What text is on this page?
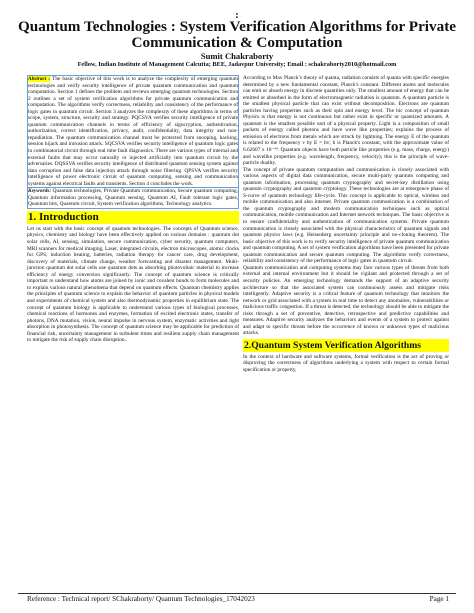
:
Quantum Technologies : System Verification Algorithms for Private Communication & Computation
Sumit Chakraborty
Fellow, Indian Institute of Management Calcutta; BEE, Jadavpur University; Email : schakraborty2010@hotmail.com

Abstract : The basic objective of this work is to analyze the complexity of emerging quantum technologies and verify security intelligence of private quantum communication and quantum computation. Section 1 defines the problem and reviews emerging quantum technologies. Section 2 outlines a set of system verification algorithms for private quantum communication and computation. The algorithms verify correctness, reliability and consistency of the performance of logic gates in quantum circuit. Section 3 analyzes the complexity of these algorithms in terms of scope, system, structure, security and strategy. PQCSVA verifies security intelligence of private quantum communication channels in terms of efficiency of signcryption, authentication, authorization, correct identification, privacy, audit, confidentiality, data integrity and non-repudiation. The quantum communication channel must be protected from snooping, hacking, session hijack and intrusion attack. SQCSVA verifies security intelligence of quantum logic gates in combinatorial circuit through real time fault diagnostics. There are various types of internal and external faults that may occur naturally or injected artificially into quantum circuit by the adversaries. DQSSVA verifies security intelligence of distributed quantum sensing system against data corruption and false data injection attack through noise filtering. QPSVA verifies security intelligence of power electronic circuit of quantum computing, sensing and communication systems against electrical faults and transients. Section 4 concludes the work.

Keywords: Quantum technologies, Private Quantum communication, Secure quantum computing, Quantum information processing, Quantum sensing, Quantum AI, Fault tolerant logic gates, Quantum bits, Quantum circuit, System verification algorithms, Technology analytics.

1. Introduction

Let us start with the basic concept of quantum technologies. The concepts of Quantum science, physics, chemistry and biology have been effectively applied on various domains : quantum dot solar cells, AI, sensing, simulation, secure communication, cyber security, quantum computers, MRI scanners for medical imaging, Laser, integrated circuits, electron microscopes, atomic clocks for GPS, induction heating, batteries, radiation therapy for cancer care, drug development, discovery of materials, climate change, weather forecasting and disaster management. Multi-junction quantum dot solar cells use quantum dots as absorbing photovoltaic material to increase efficiency of energy conversion significantly. The concept of quantum science is critically important to understand how atoms are joined by ionic and covalent bonds to form molecules and to explain various natural phenomena that depend on quantum effects. Quantum chemistry applies the principles of quantum science to explain the behavior of quantum particles in physical models and experiments of chemical system and also thermodynamic properties in equilibrium state. The concept of quantum biology is applicable to understand various types of biological processes, chemical reactions of hormones and enzymes, formation of excited electronic states, transfer of photons, DNA mutation, vision, neural impulse in nervous system, enzymatic activities and light absorption in photosynthesis. The concept of quantum science may be applicable for prediction of financial risk, uncertainty management in turbulent times and resilient supply chain management to mitigate the risk of supply chain disruption..

According to Max Planck’s theory of quanta, radiation consists of quanta with specific energies determined by a new fundamental constant, Planck's constant. Different atoms and molecules can emit or absorb energy in discrete quantities only. The smallest amount of energy that can be emitted or absorbed in the form of electromagnetic radiation is quantum. A quantum particle is the smallest physical particle that can exist without decomposition. Electrons are quantum particles having properties such as their spin and energy level. The bic concept of quantum Physics is that energy is not continuous but rather exist in specific or quantized amounts. A quantum is the smallest possible unit of a physical property. Light is a composition of small packets of energy called photons and have wave like properties; explains the process of emission of electrons from metals which are struck by lightning. The energy E of the quantum is related to the frequency v by E = hv; h is Planck's constant, with the approximate value of 6.62607 x 10⁻³⁴. Quantum objects have both particle like properties (e.g. mass, charge, energy) and wavelike properties (e.g. wavelength, frequency, velocity); this is the principle of wave-particle duality.

The concept of private quantum computation and communication is closely associated with various aspects of digital data communication, secure multi-party quantum computing and quantum information, processing quantum cryptography and secret-key distillation using quantum cryptography and quantum cryptology. These technologies are at emergence phase of S-curve of quantum technology life-cycle. This concept is applicable to optical, wireless and mobile communication and also internet. Private quantum communication is a combination of the quantum cryptography and modern communication techniques such as optical communication, mobile communication and Internet network techniques. The basic objective is to ensure confidentiality and authentication of communication systems. Private quantum communication is closely associated with the physical characteristics of quantum signals and quantum physics laws (e.g. Heisenberg uncertainty principle and no-cloning theorem). The basic objective of this work is to verify security intelligence of private quantum communication and quantum computing. A set of system verification algorithms have been presented for private quantum communication and secure quantum computing. The algorithms verify correctness, reliability and consistency of the performance of logic gates in quantum circuit.

Quantum communication and computing systems may face various types of threats from both external and internal environment but it should be vigilant and protected through a set of security policies. An emerging technology demands the support of an adaptive security architecture so that the associated system can continuously assess and mitigate risks intelligently. Adaptive security is a critical feature of quantum technology that monitors the network or grid associated with a system in real time to detect any anomalies, vulnerabilities or malicious traffic congestion. If a threat is detected, the technology should be able to mitigate the risks through a set of preventive, detective, retrospective and predictive capabilities and measures. Adaptive security analyzes the behaviors and events of a system to protect against and adapt to specific threats before the occurrence of known or unknown types of malicious attacks.

2.Quantum System Verification Algorithms

In the context of hardware and software systems, formal verification is the act of proving or disproving the correctness of algorithms underlying a system with respect to certain formal specification or property,

Reference : Technical report/ SChakraborty/ Quantum Technologies_17042023	Page 1
